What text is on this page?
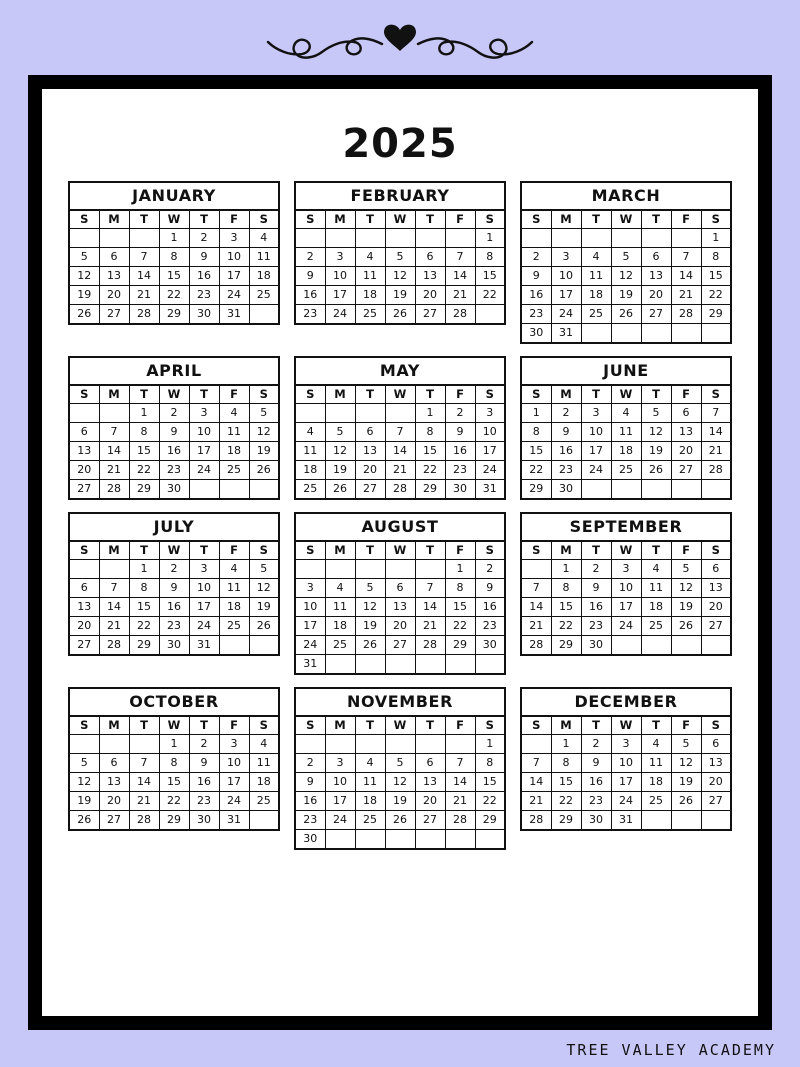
2025
JANUARY
S	M	T	W	T	F	S
			1	2	3	4
5	6	7	8	9	10	11
12	13	14	15	16	17	18
19	20	21	22	23	24	25
26	27	28	29	30	31	
FEBRUARY
S	M	T	W	T	F	S
						1
2	3	4	5	6	7	8
9	10	11	12	13	14	15
16	17	18	19	20	21	22
23	24	25	26	27	28	
MARCH
S	M	T	W	T	F	S
						1
2	3	4	5	6	7	8
9	10	11	12	13	14	15
16	17	18	19	20	21	22
23	24	25	26	27	28	29
30	31					
APRIL
S	M	T	W	T	F	S
		1	2	3	4	5
6	7	8	9	10	11	12
13	14	15	16	17	18	19
20	21	22	23	24	25	26
27	28	29	30			
MAY
S	M	T	W	T	F	S
				1	2	3
4	5	6	7	8	9	10
11	12	13	14	15	16	17
18	19	20	21	22	23	24
25	26	27	28	29	30	31
JUNE
S	M	T	W	T	F	S
1	2	3	4	5	6	7
8	9	10	11	12	13	14
15	16	17	18	19	20	21
22	23	24	25	26	27	28
29	30					
JULY
S	M	T	W	T	F	S
		1	2	3	4	5
6	7	8	9	10	11	12
13	14	15	16	17	18	19
20	21	22	23	24	25	26
27	28	29	30	31		
AUGUST
S	M	T	W	T	F	S
					1	2
3	4	5	6	7	8	9
10	11	12	13	14	15	16
17	18	19	20	21	22	23
24	25	26	27	28	29	30
31						
SEPTEMBER
S	M	T	W	T	F	S
	1	2	3	4	5	6
7	8	9	10	11	12	13
14	15	16	17	18	19	20
21	22	23	24	25	26	27
28	29	30				
OCTOBER
S	M	T	W	T	F	S
			1	2	3	4
5	6	7	8	9	10	11
12	13	14	15	16	17	18
19	20	21	22	23	24	25
26	27	28	29	30	31	
NOVEMBER
S	M	T	W	T	F	S
						1
2	3	4	5	6	7	8
9	10	11	12	13	14	15
16	17	18	19	20	21	22
23	24	25	26	27	28	29
30						
DECEMBER
S	M	T	W	T	F	S
	1	2	3	4	5	6
7	8	9	10	11	12	13
14	15	16	17	18	19	20
21	22	23	24	25	26	27
28	29	30	31			
TREE VALLEY ACADEMY
